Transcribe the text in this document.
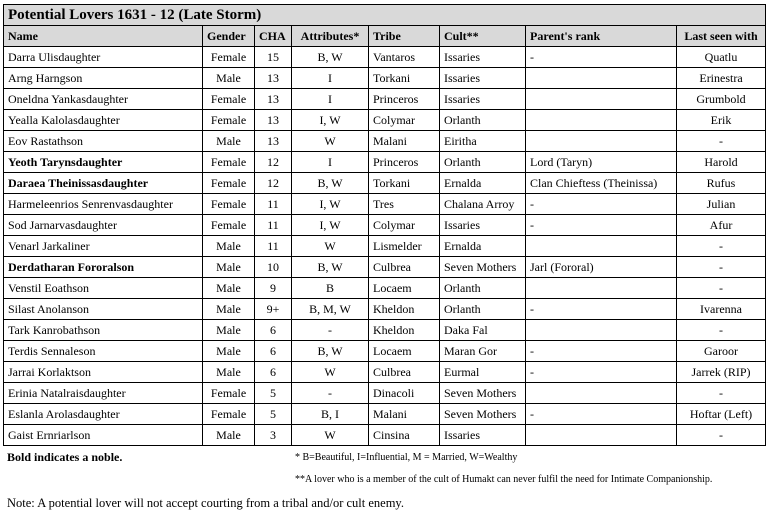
Potential Lovers 1631 - 12 (Late Storm)							
Name	Gender	CHA	Attributes*	Tribe	Cult**	Parent's rank	Last seen with
Darra Ulisdaughter	Female	15	B, W	Vantaros	Issaries	-	Quatlu
Arng Harngson	Male	13	I	Torkani	Issaries		Erinestra
Oneldna Yankasdaughter	Female	13	I	Princeros	Issaries		Grumbold
Yealla Kalolasdaughter	Female	13	I, W	Colymar	Orlanth		Erik
Eov Rastathson	Male	13	W	Malani	Eiritha		-
Yeoth Tarynsdaughter	Female	12	I	Princeros	Orlanth	Lord (Taryn)	Harold
Daraea Theinissasdaughter	Female	12	B, W	Torkani	Ernalda	Clan Chieftess (Theinissa)	Rufus
Harmeleenrios Senrenvasdaughter	Female	11	I, W	Tres	Chalana Arroy	-	Julian
Sod Jarnarvasdaughter	Female	11	I, W	Colymar	Issaries	-	Afur
Venarl Jarkaliner	Male	11	W	Lismelder	Ernalda		-
Derdatharan Fororalson	Male	10	B, W	Culbrea	Seven Mothers	Jarl (Fororal)	-
Venstil Eoathson	Male	9	B	Locaem	Orlanth		-
Silast Anolanson	Male	9+	B, M, W	Kheldon	Orlanth	-	Ivarenna
Tark Kanrobathson	Male	6	-	Kheldon	Daka Fal		-
Terdis Sennaleson	Male	6	B, W	Locaem	Maran Gor	-	Garoor
Jarrai Korlaktson	Male	6	W	Culbrea	Eurmal	-	Jarrek (RIP)
Erinia Natalraisdaughter	Female	5	-	Dinacoli	Seven Mothers		-
Eslanla Arolasdaughter	Female	5	B, I	Malani	Seven Mothers	-	Hoftar (Left)
Gaist Ernriarlson	Male	3	W	Cinsina	Issaries		-
Bold indicates a noble.	* B=Beautiful, I=Influential, M = Married, W=Wealthy
**A lover who is a member of the cult of Humakt can never fulfil the need for Intimate Companionship.
Note: A potential lover will not accept courting from a tribal and/or cult enemy.
